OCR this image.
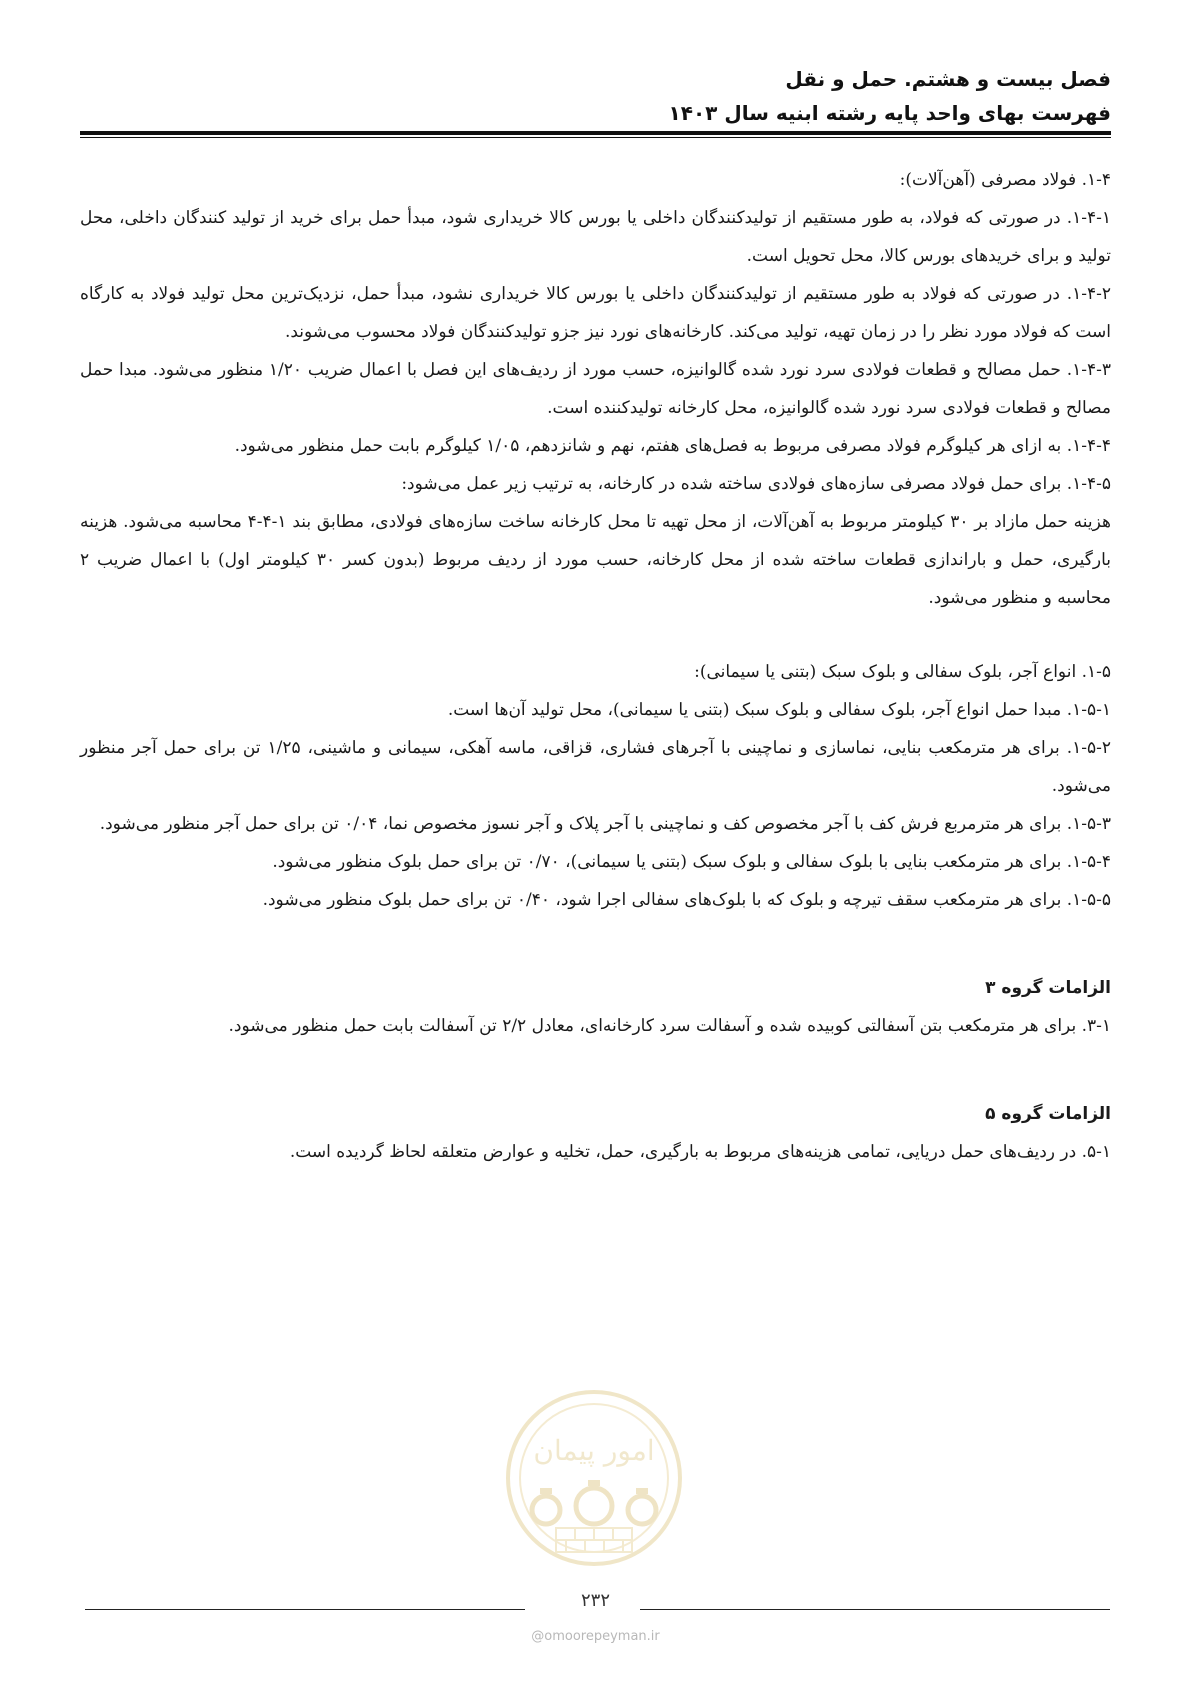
فصل بیست و هشتم. حمل و نقل
فهرست بهای واحد پایه رشته ابنیه سال ۱۴۰۳

۱-۴. فولاد مصرفی (آهن‌آلات):

۱-۴-۱. در صورتی که فولاد، به طور مستقیم از تولیدکنندگان داخلی یا بورس کالا خریداری شود، مبدأ حمل برای خرید از تولید کنندگان داخلی، محل تولید و برای خریدهای بورس کالا، محل تحویل است.

۱-۴-۲. در صورتی که فولاد به طور مستقیم از تولیدکنندگان داخلی یا بورس کالا خریداری نشود، مبدأ حمل، نزدیک‌ترین محل تولید فولاد به کارگاه است که فولاد مورد نظر را در زمان تهیه، تولید می‌کند. کارخانه‌های نورد نیز جزو تولیدکنندگان فولاد محسوب می‌شوند.

۱-۴-۳. حمل مصالح و قطعات فولادی سرد نورد شده گالوانیزه، حسب مورد از ردیف‌های این فصل با اعمال ضریب ۱/۲۰ منظور می‌شود. مبدا حمل مصالح و قطعات فولادی سرد نورد شده گالوانیزه، محل کارخانه تولیدکننده است.

۱-۴-۴. به ازای هر کیلوگرم فولاد مصرفی مربوط به فصل‌های هفتم، نهم و شانزدهم، ۱/۰۵ کیلوگرم بابت حمل منظور می‌شود.

۱-۴-۵. برای حمل فولاد مصرفی سازه‌های فولادی ساخته شده در کارخانه، به ترتیب زیر عمل می‌شود:

هزینه حمل مازاد بر ۳۰ کیلومتر مربوط به آهن‌آلات، از محل تهیه تا محل کارخانه ساخت سازه‌های فولادی، مطابق بند ۱-۴-۴ محاسبه می‌شود. هزینه بارگیری، حمل و باراندازی قطعات ساخته شده از محل کارخانه، حسب مورد از ردیف مربوط (بدون کسر ۳۰ کیلومتر اول) با اعمال ضریب ۲ محاسبه و منظور می‌شود.

۱-۵. انواع آجر، بلوک سفالی و بلوک سبک (بتنی یا سیمانی):

۱-۵-۱. مبدا حمل انواع آجر، بلوک سفالی و بلوک سبک (بتنی یا سیمانی)، محل تولید آن‌ها است.

۱-۵-۲. برای هر مترمکعب بنایی، نماسازی و نماچینی با آجرهای فشاری، قزاقی، ماسه آهکی، سیمانی و ماشینی، ۱/۲۵ تن برای حمل آجر منظور می‌شود.

۱-۵-۳. برای هر مترمربع فرش کف با آجر مخصوص کف و نماچینی با آجر پلاک و آجر نسوز مخصوص نما، ۰/۰۴ تن برای حمل آجر منظور می‌شود.

۱-۵-۴. برای هر مترمکعب بنایی با بلوک سفالی و بلوک سبک (بتنی یا سیمانی)، ۰/۷۰ تن برای حمل بلوک منظور می‌شود.

۱-۵-۵. برای هر مترمکعب سقف تیرچه و بلوک که با بلوک‌های سفالی اجرا شود، ۰/۴۰ تن برای حمل بلوک منظور می‌شود.

الزامات گروه ۳

۳-۱. برای هر مترمکعب بتن آسفالتی کوبیده شده و آسفالت سرد کارخانه‌ای، معادل ۲/۲ تن آسفالت بابت حمل منظور می‌شود.

الزامات گروه ۵

۵-۱. در ردیف‌های حمل دریایی، تمامی هزینه‌های مربوط به بارگیری، حمل، تخلیه و عوارض متعلقه لحاظ گردیده است.

امور پیمان
۲۳۲
@omoorepeyman.ir
